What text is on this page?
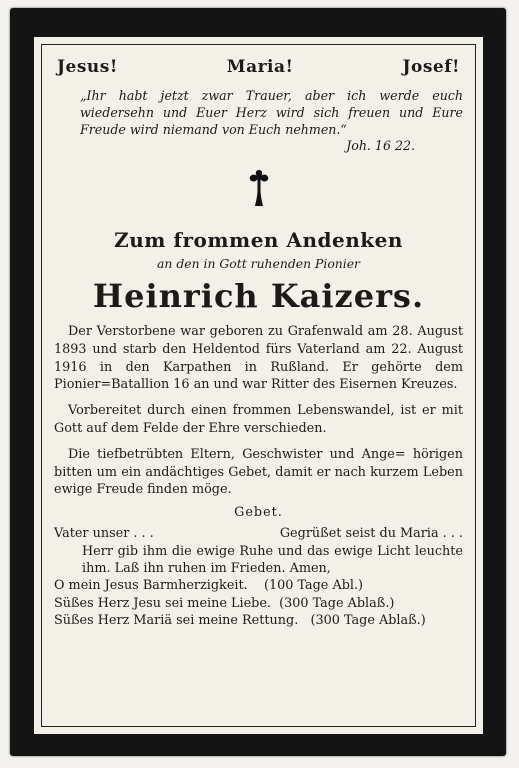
Jesus!	Maria!	Josef!
„Ihr habt jetzt zwar Trauer, aber ich werde euch wiedersehn und Euer Herz wird sich freuen und Eure Freude wird niemand von Euch nehmen.“
Joh. 16 22.
Zum frommen Andenken
an den in Gott ruhenden Pionier
Heinrich Kaizers.
Der Verstorbene war geboren zu Grafenwald am 28. August 1893 und starb den Heldentod fürs Vaterland am 22. August 1916 in den Karpathen in Rußland. Er gehörte dem Pionier=Batallion 16 an und war Ritter des Eisernen Kreuzes.
Vorbereitet durch einen frommen Lebenswandel, ist er mit Gott auf dem Felde der Ehre verschieden.
Die tiefbetrübten Eltern, Geschwister und Ange= hörigen bitten um ein andächtiges Gebet, damit er nach kurzem Leben ewige Freude finden möge.
Gebet.
Vater unser . . .	Gegrüßet seist du Maria . . .
Herr gib ihm die ewige Ruhe und das ewige Licht leuchte ihm. Laß ihn ruhen im Frieden. Amen,
O mein Jesus Barmherzigkeit.    (100 Tage Abl.)
Süßes Herz Jesu sei meine Liebe.  (300 Tage Ablaß.)
Süßes Herz Mariä sei meine Rettung.   (300 Tage Ablaß.)
